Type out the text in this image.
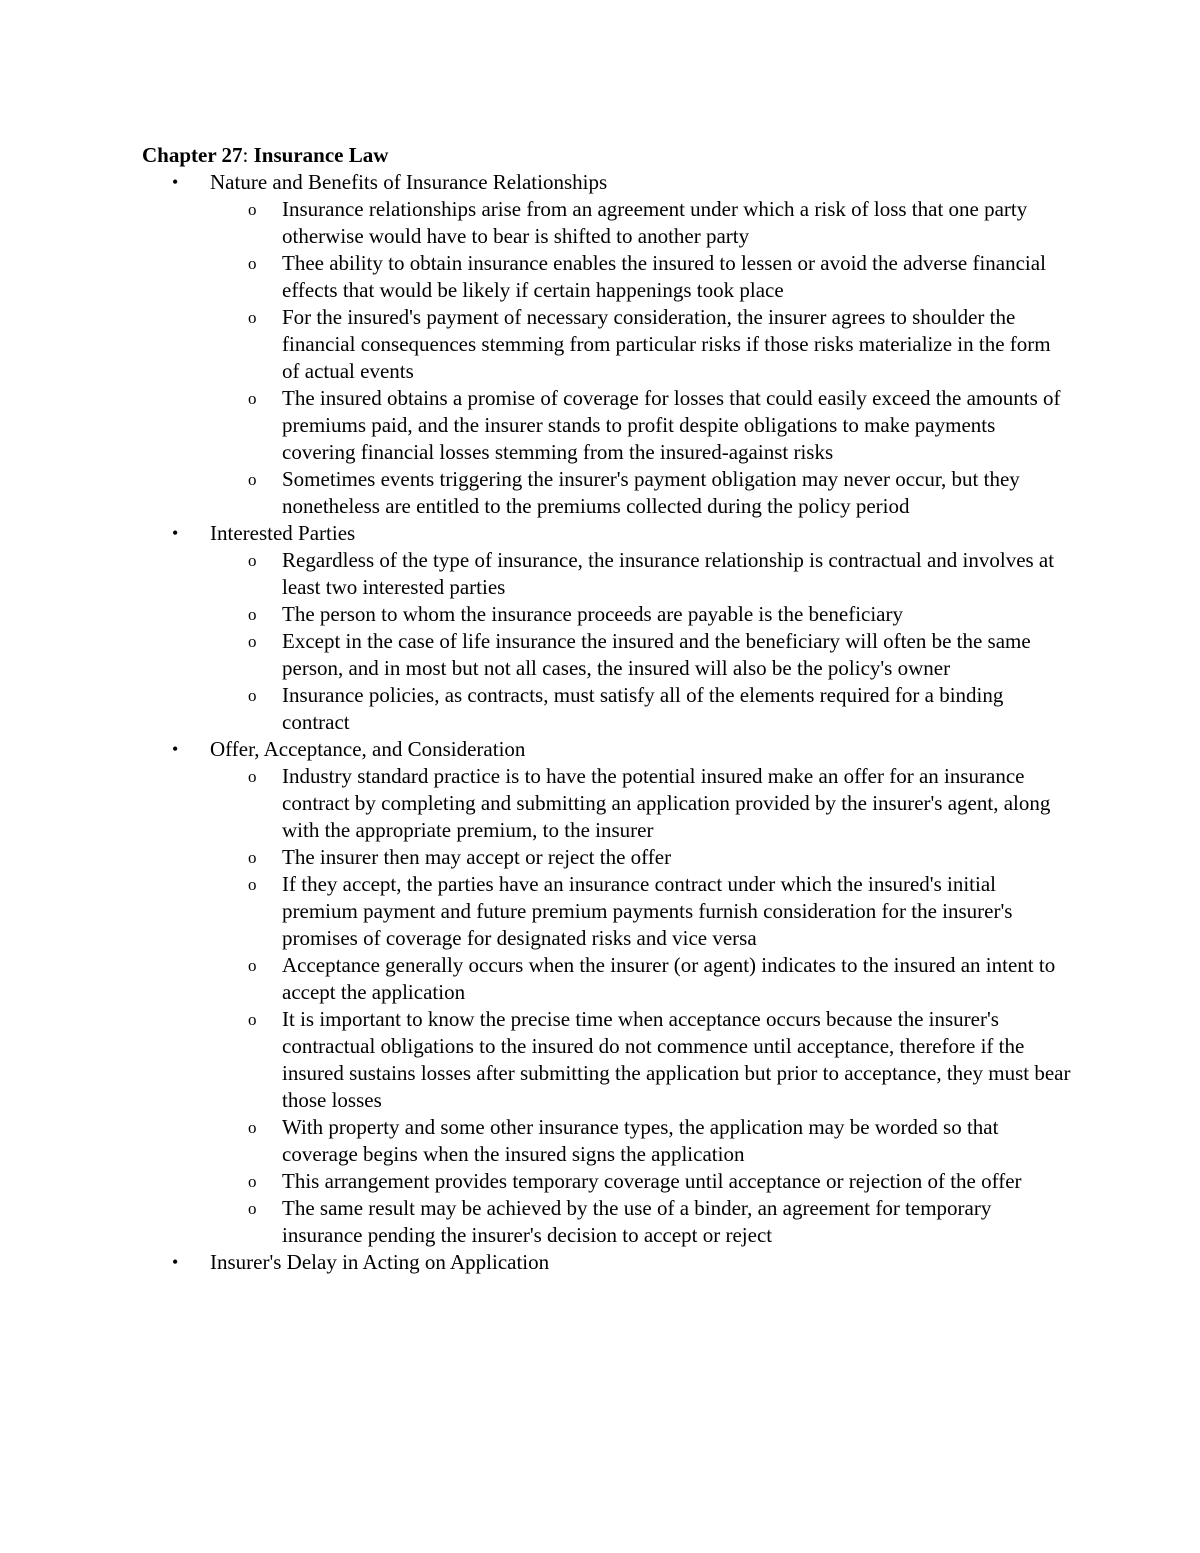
Chapter 27: Insurance Law

•	Nature and Benefits of Insurance Relationships
o Insurance relationships arise from an agreement under which a risk of loss that one party otherwise would have to bear is shifted to another party
o Thee ability to obtain insurance enables the insured to lessen or avoid the adverse financial effects that would be likely if certain happenings took place
o For the insured's payment of necessary consideration, the insurer agrees to shoulder the financial consequences stemming from particular risks if those risks materialize in the form of actual events
o The insured obtains a promise of coverage for losses that could easily exceed the amounts of premiums paid, and the insurer stands to profit despite obligations to make payments covering financial losses stemming from the insured-against risks
o Sometimes events triggering the insurer's payment obligation may never occur, but they nonetheless are entitled to the premiums collected during the policy period
•	Interested Parties
o Regardless of the type of insurance, the insurance relationship is contractual and involves at least two interested parties
o The person to whom the insurance proceeds are payable is the beneficiary
o Except in the case of life insurance the insured and the beneficiary will often be the same person, and in most but not all cases, the insured will also be the policy's owner
o Insurance policies, as contracts, must satisfy all of the elements required for a binding contract
•	Offer, Acceptance, and Consideration
o Industry standard practice is to have the potential insured make an offer for an insurance contract by completing and submitting an application provided by the insurer's agent, along with the appropriate premium, to the insurer
o The insurer then may accept or reject the offer
o If they accept, the parties have an insurance contract under which the insured's initial premium payment and future premium payments furnish consideration for the insurer's promises of coverage for designated risks and vice versa
o Acceptance generally occurs when the insurer (or agent) indicates to the insured an intent to accept the application
o It is important to know the precise time when acceptance occurs because the insurer's contractual obligations to the insured do not commence until acceptance, therefore if the insured sustains losses after submitting the application but prior to acceptance, they must bear those losses
o With property and some other insurance types, the application may be worded so that coverage begins when the insured signs the application
o This arrangement provides temporary coverage until acceptance or rejection of the offer
o The same result may be achieved by the use of a binder, an agreement for temporary insurance pending the insurer's decision to accept or reject
•	Insurer's Delay in Acting on Application
